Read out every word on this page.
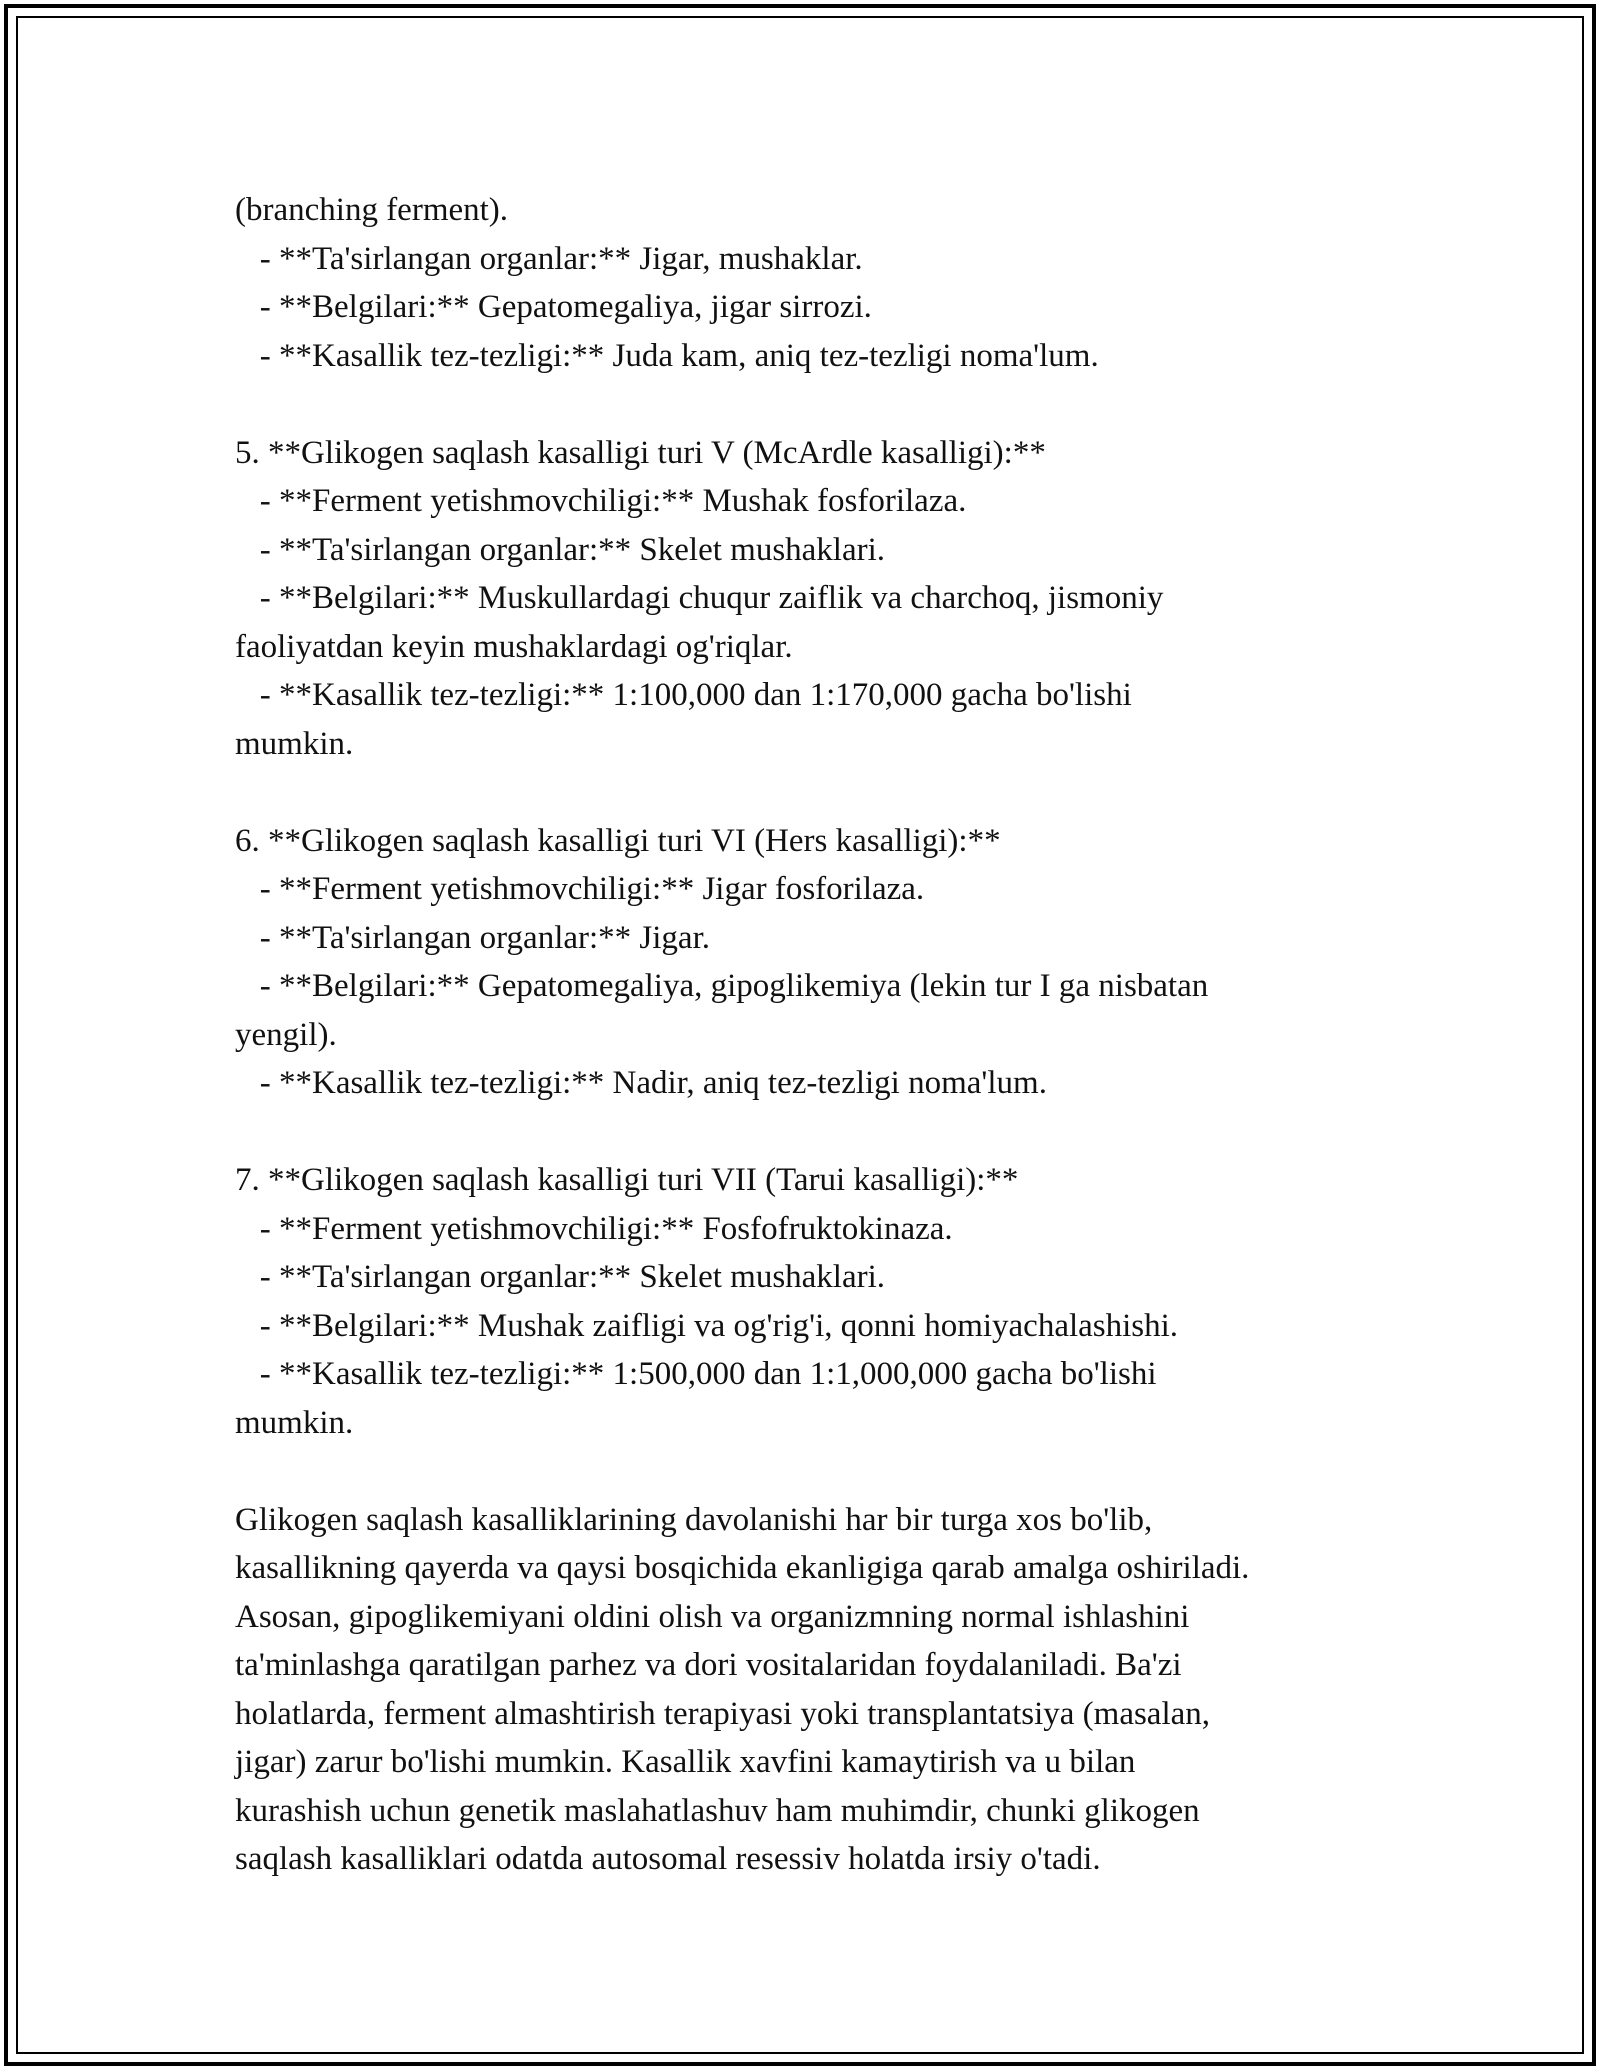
(branching ferment).
- **Ta'sirlangan organlar:** Jigar, mushaklar.
- **Belgilari:** Gepatomegaliya, jigar sirrozi.
- **Kasallik tez-tezligi:** Juda kam, aniq tez-tezligi noma'lum.
5. **Glikogen saqlash kasalligi turi V (McArdle kasalligi):**
- **Ferment yetishmovchiligi:** Mushak fosforilaza.
- **Ta'sirlangan organlar:** Skelet mushaklari.
- **Belgilari:** Muskullardagi chuqur zaiflik va charchoq, jismoniy
faoliyatdan keyin mushaklardagi og'riqlar.
- **Kasallik tez-tezligi:** 1:100,000 dan 1:170,000 gacha bo'lishi
mumkin.
6. **Glikogen saqlash kasalligi turi VI (Hers kasalligi):**
- **Ferment yetishmovchiligi:** Jigar fosforilaza.
- **Ta'sirlangan organlar:** Jigar.
- **Belgilari:** Gepatomegaliya, gipoglikemiya (lekin tur I ga nisbatan
yengil).
- **Kasallik tez-tezligi:** Nadir, aniq tez-tezligi noma'lum.
7. **Glikogen saqlash kasalligi turi VII (Tarui kasalligi):**
- **Ferment yetishmovchiligi:** Fosfofruktokinaza.
- **Ta'sirlangan organlar:** Skelet mushaklari.
- **Belgilari:** Mushak zaifligi va og'rig'i, qonni homiyachalashishi.
- **Kasallik tez-tezligi:** 1:500,000 dan 1:1,000,000 gacha bo'lishi
mumkin.
Glikogen saqlash kasalliklarining davolanishi har bir turga xos bo'lib,
kasallikning qayerda va qaysi bosqichida ekanligiga qarab amalga oshiriladi.
Asosan, gipoglikemiyani oldini olish va organizmning normal ishlashini
ta'minlashga qaratilgan parhez va dori vositalaridan foydalaniladi. Ba'zi
holatlarda, ferment almashtirish terapiyasi yoki transplantatsiya (masalan,
jigar) zarur bo'lishi mumkin. Kasallik xavfini kamaytirish va u bilan
kurashish uchun genetik maslahatlashuv ham muhimdir, chunki glikogen
saqlash kasalliklari odatda autosomal resessiv holatda irsiy o'tadi.
